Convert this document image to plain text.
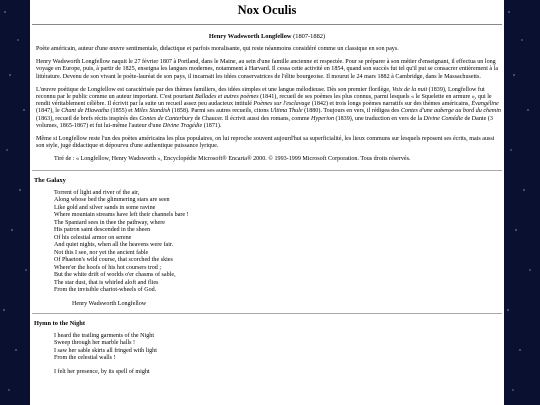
Nox Oculis
Henry Wadsworth Longfellow (1807-1882)

Poète américain, auteur d'une œuvre sentimentale, didactique et parfois moralisante, qui reste néanmoins considéré comme un classique en son pays.

Henry Wadsworth Longfellow naquit le 27 février 1807 à Portland, dans le Maine, au sein d'une famille ancienne et respectée. Pour se préparer à son métier d'enseignant, il effectua un long voyage en Europe, puis, à partir de 1825, enseigna les langues modernes, notamment à Harvard. Il cessa cette activité en 1854, quand son succès fut tel qu'il put se consacrer entièrement à la littérature. Devenu de son vivant le poète-lauréat de son pays, il incarnait les idées conservatrices de l'élite bourgeoise. Il mourut le 24 mars 1882 à Cambridge, dans le Massachusetts.

L'œuvre poétique de Longfellow est caractérisée par des thèmes familiers, des idées simples et une langue mélodieuse. Dès son premier florilège, Voix de la nuit (1839), Longfellow fut reconnu par le public comme un auteur important. C'est pourtant Ballades et autres poèmes (1841), recueil de ses poèmes les plus connus, parmi lesquels « le Squelette en armure », qui le rendit véritablement célèbre. Il écrivit par la suite un recueil assez peu audacieux intitulé Poèmes sur l'esclavage (1842) et trois longs poèmes narratifs sur des thèmes américains, Évangéline (1847), le Chant de Hiawatha (1855) et Miles Standish (1858). Parmi ses autres recueils, citons Ultima Thule (1880). Toujours en vers, il rédigea des Contes d'une auberge au bord du chemin (1863), recueil de brefs récits inspirés des Contes de Canterbury de Chaucer. Il écrivit aussi des romans, comme Hyperion (1839), une traduction en vers de la Divine Comédie de Dante (3 volumes, 1865-1867) et fut lui-même l'auteur d'une Divine Tragédie (1871).

Même si Longfellow reste l'un des poètes américains les plus populaires, on lui reproche souvent aujourd'hui sa superficialité, les lieux communs sur lesquels reposent ses écrits, mais aussi son style, jugé didactique et dépourvu d'une authentique puissance lyrique.

Tiré de : « Longfellow, Henry Wadsworth », Encyclopédie Microsoft® Encarta® 2000. © 1993-1999 Microsoft Corporation. Tous droits réservés.

The Galaxy
Torrent of light and river of the air,
Along whose bed the glimmering stars are seen
Like gold and silver sands in some ravine
Where mountain streams have left their channels bare !
The Spaniard sees in thee the pathway, where
His patron saint descended in the sheen
Of his celestial armor on serene
And quiet nights, when all the heavens were fair.
Not this I see, nor yet the ancient fable
Of Phaeton's wild course, that scorched the skies
Where'er the hoofs of his hot coursers trod ;
But the white drift of worlds o'er chasms of sable,
The star dust, that is whirled aloft and flies
From the invisible chariot-wheels of God.
Henry Wadsworth Longfellow
Hymn to the Night
I heard the trailing garments of the Night
Sweep through her marble halls !
I saw her sable skirts all fringed with light
From the celestial walls !
I felt her presence, by its spell of might
